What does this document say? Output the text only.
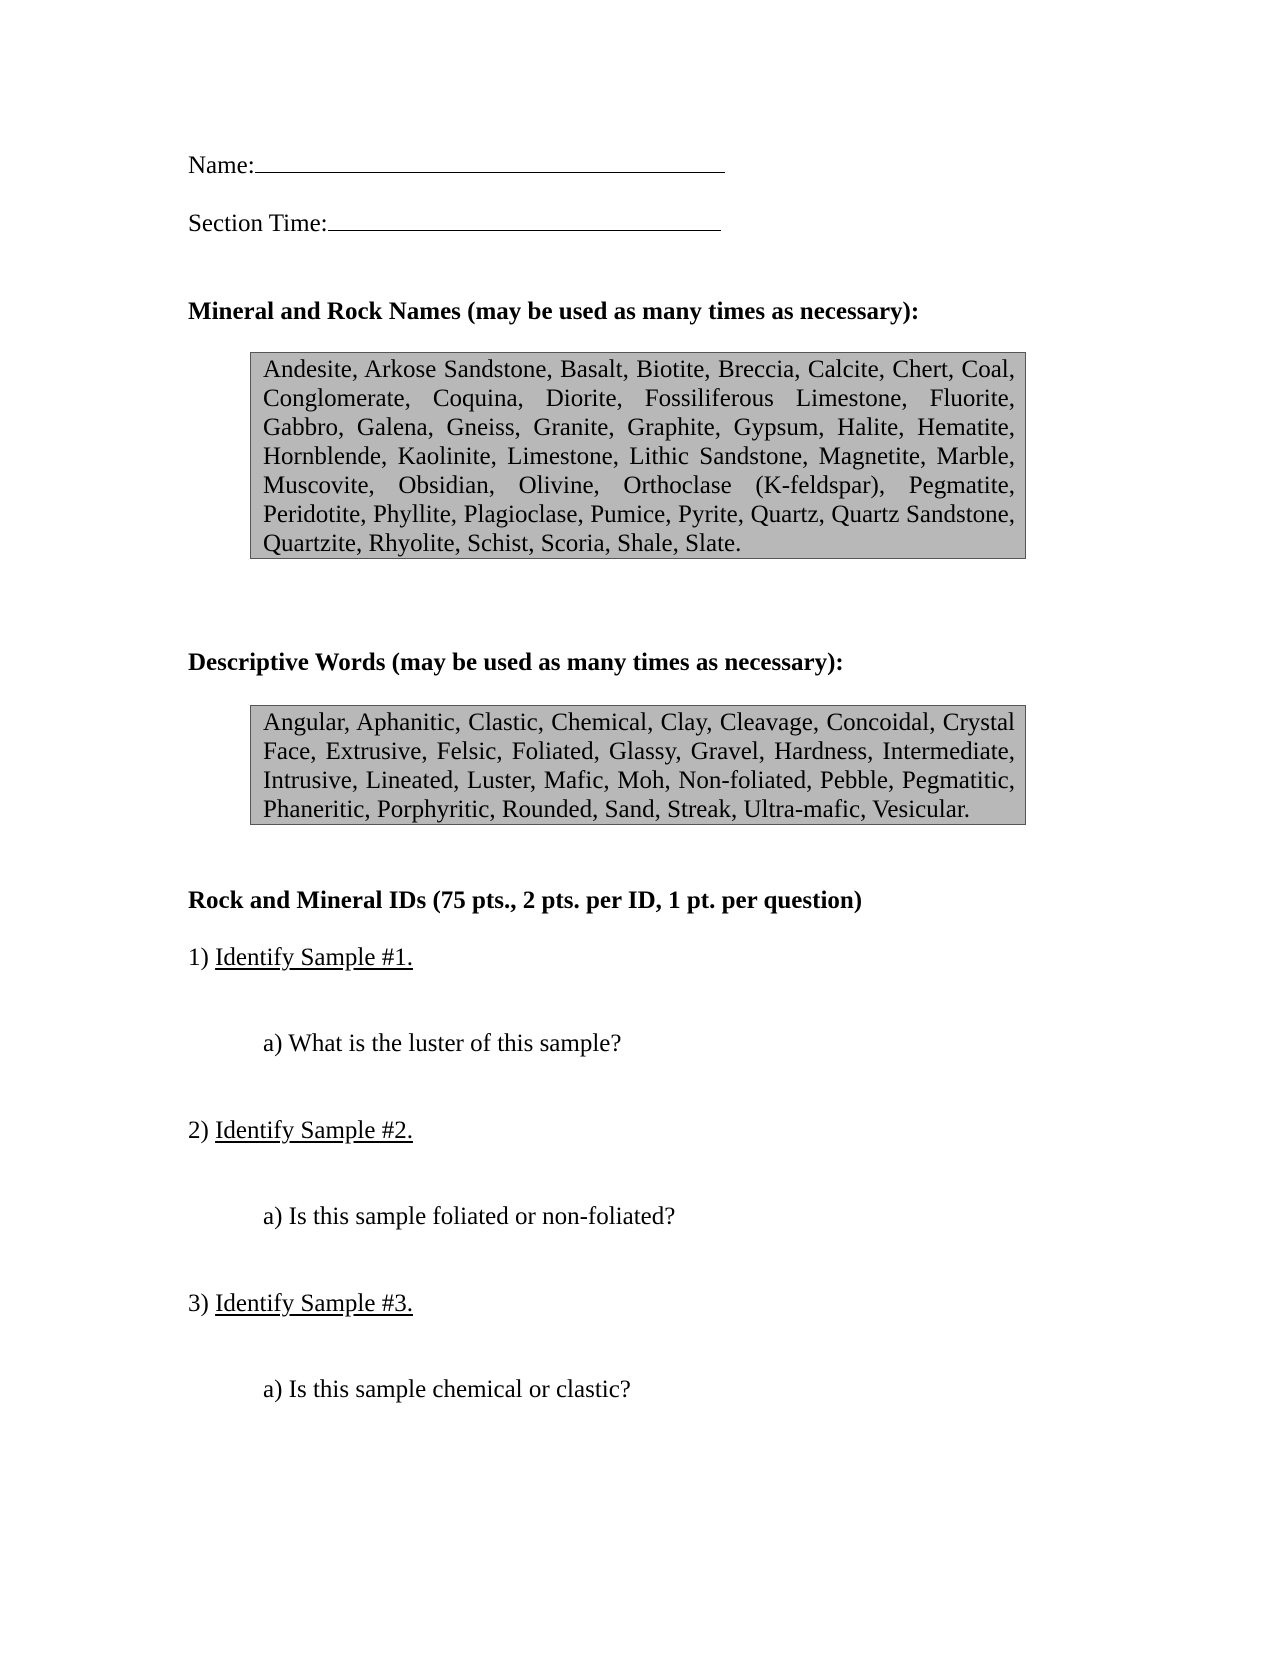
Name:
Section Time:
Mineral and Rock Names (may be used as many times as necessary):
Andesite, Arkose Sandstone, Basalt, Biotite, Breccia, Calcite, Chert, Coal, Conglomerate, Coquina, Diorite, Fossiliferous Limestone, Fluorite, Gabbro, Galena, Gneiss, Granite, Graphite, Gypsum, Halite, Hematite, Hornblende, Kaolinite, Limestone, Lithic Sandstone, Magnetite, Marble, Muscovite, Obsidian, Olivine, Orthoclase (K-feldspar), Pegmatite, Peridotite, Phyllite, Plagioclase, Pumice, Pyrite, Quartz, Quartz Sandstone, Quartzite, Rhyolite, Schist, Scoria, Shale, Slate.
Descriptive Words (may be used as many times as necessary):
Angular, Aphanitic, Clastic, Chemical, Clay, Cleavage, Concoidal, Crystal Face, Extrusive, Felsic, Foliated, Glassy, Gravel, Hardness, Intermediate, Intrusive, Lineated, Luster, Mafic, Moh, Non-foliated, Pebble, Pegmatitic, Phaneritic, Porphyritic, Rounded, Sand, Streak, Ultra-mafic, Vesicular.
Rock and Mineral IDs (75 pts., 2 pts. per ID, 1 pt. per question)
1) Identify Sample #1.
a) What is the luster of this sample?
2) Identify Sample #2.
a) Is this sample foliated or non-foliated?
3) Identify Sample #3.
a) Is this sample chemical or clastic?
